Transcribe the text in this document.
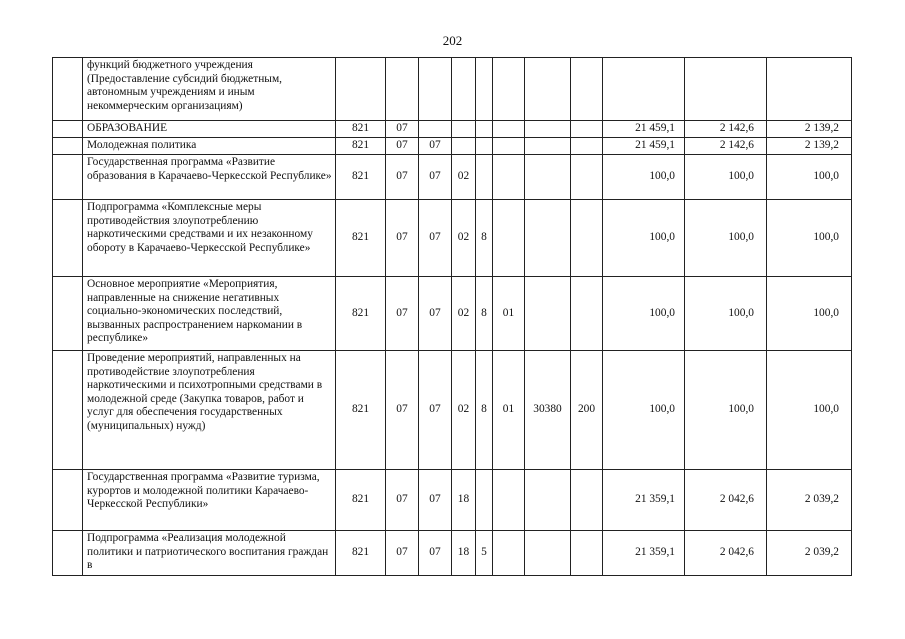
202
	функций бюджетного учреждения (Предоставление субсидий бюджетным, автономным учреждениям и иным некоммерческим организациям)											
	ОБРАЗОВАНИЕ	821	07							21 459,1	2 142,6	2 139,2
	Молодежная политика	821	07	07						21 459,1	2 142,6	2 139,2
	Государственная программа «Развитие образования в Карачаево-Черкесской Республике»	821	07	07	02					100,0	100,0	100,0
	Подпрограмма «Комплексные меры противодействия злоупотреблению наркотическими средствами и их незаконному обороту в Карачаево-Черкесской Республике»	821	07	07	02	8				100,0	100,0	100,0
	Основное мероприятие «Мероприятия, направленные на снижение негативных социально-экономических последствий, вызванных распространением наркомании в республике»	821	07	07	02	8	01			100,0	100,0	100,0
	Проведение мероприятий, направленных на противодействие злоупотребления наркотическими и психотропными средствами в молодежной среде (Закупка товаров, работ и услуг для обеспечения государственных (муниципальных) нужд)	821	07	07	02	8	01	30380	200	100,0	100,0	100,0
	Государственная программа «Развитие туризма, курортов и молодежной политики Карачаево-Черкесской Республики»	821	07	07	18					21 359,1	2 042,6	2 039,2
	Подпрограмма «Реализация молодежной политики и патриотического воспитания граждан в	821	07	07	18	5				21 359,1	2 042,6	2 039,2
